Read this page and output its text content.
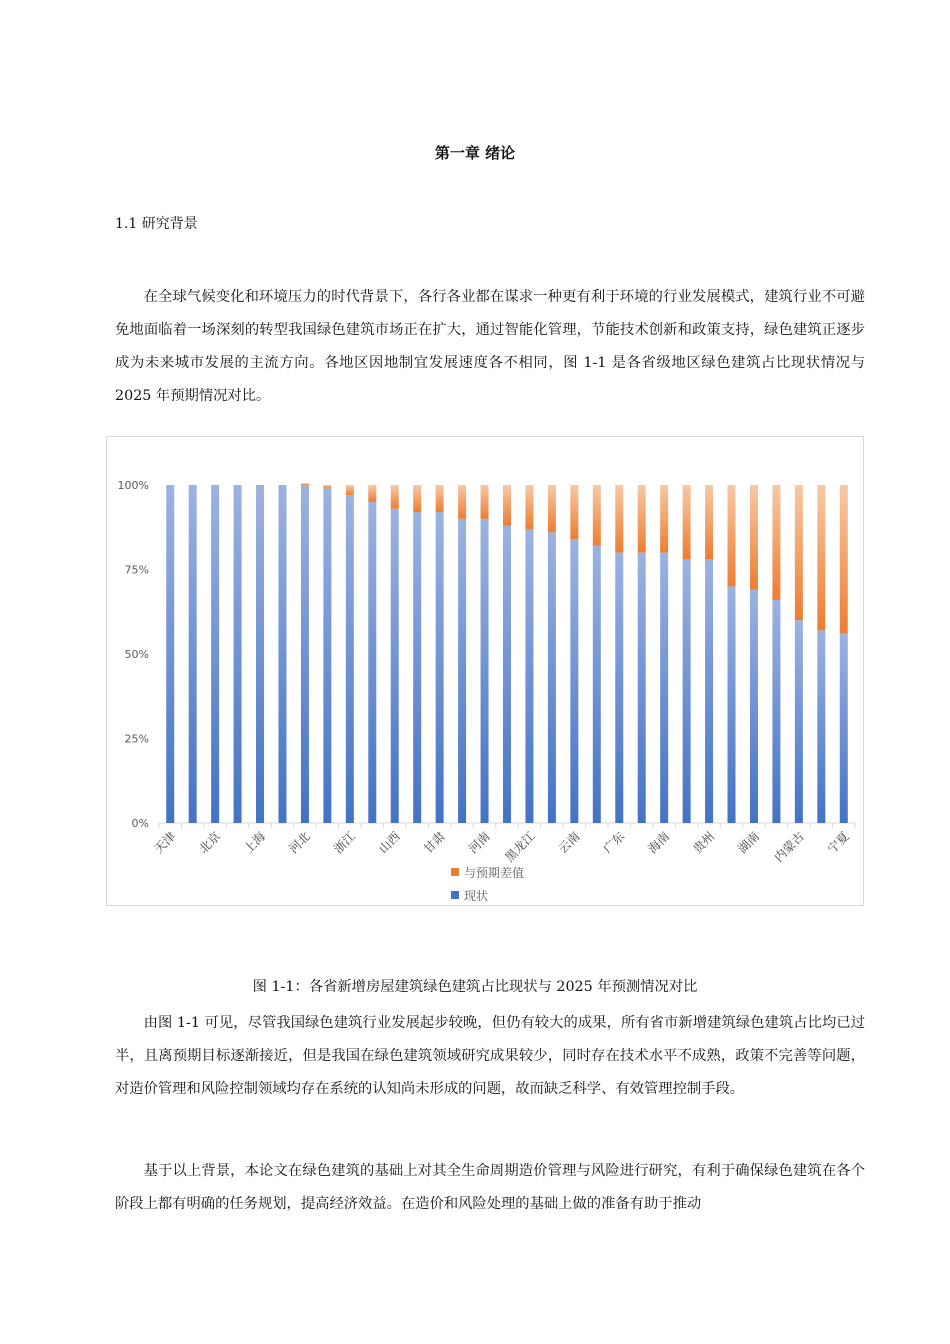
第一章 绪论
1.1 研究背景

在全球气候变化和环境压力的时代背景下，各行各业都在谋求一种更有利于环境的行业发展模式，建筑行业不可避免地面临着一场深刻的转型我国绿色建筑市场正在扩大，通过智能化管理，节能技术创新和政策支持，绿色建筑正逐步成为未来城市发展的主流方向。各地区因地制宜发展速度各不相同，图 1-1 是各省级地区绿色建筑占比现状情况与 2025 年预期情况对比。

0%
25%
50%
75%
100%
天津 北京 上海 河北 浙江 山西 甘肃 河南 黑龙江 云南 广东 海南 贵州 湖南 内蒙古 宁夏
与预期差值
现状
图 1-1：各省新增房屋建筑绿色建筑占比现状与 2025 年预测情况对比

由图 1-1 可见，尽管我国绿色建筑行业发展起步较晚，但仍有较大的成果，所有省市新增建筑绿色建筑占比均已过半，且离预期目标逐渐接近，但是我国在绿色建筑领域研究成果较少，同时存在技术水平不成熟，政策不完善等问题，对造价管理和风险控制领域均存在系统的认知尚未形成的问题，故而缺乏科学、有效管理控制手段。

基于以上背景，本论文在绿色建筑的基础上对其全生命周期造价管理与风险进行研究，有利于确保绿色建筑在各个阶段上都有明确的任务规划，提高经济效益。在造价和风险处理的基础上做的准备有助于推动
